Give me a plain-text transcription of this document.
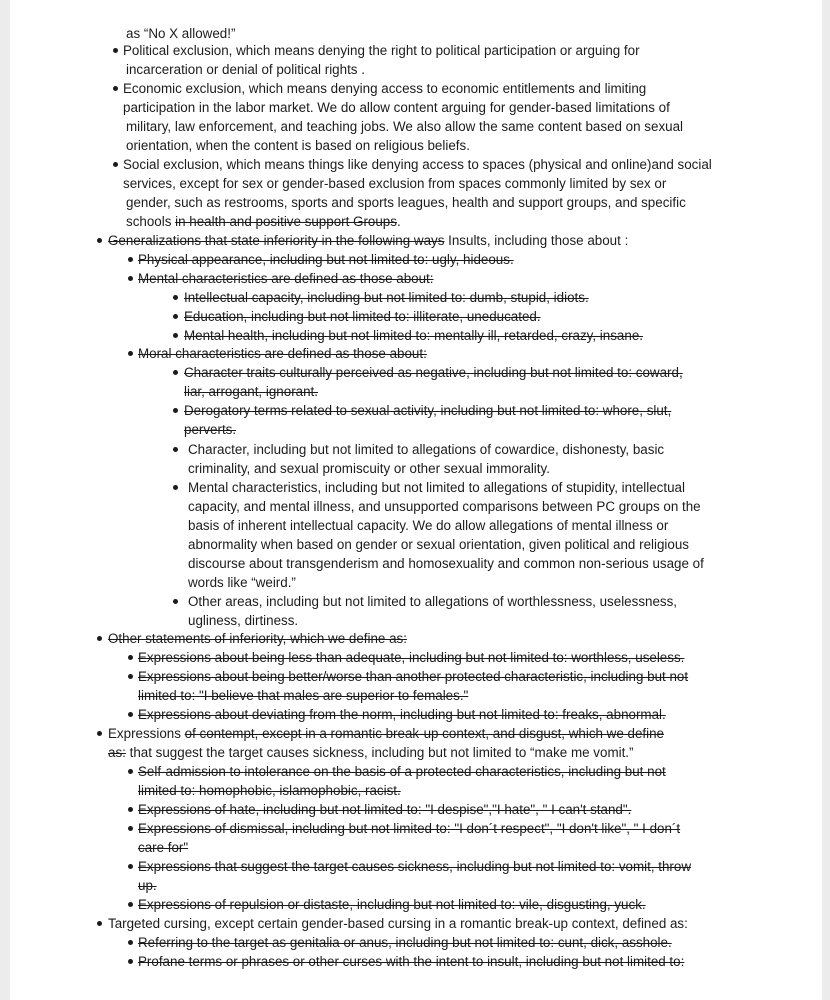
as “No X allowed!”
Political exclusion, which means denying the right to political participation or arguing for
incarceration or denial of political rights .
Economic exclusion, which means denying access to economic entitlements and limiting
participation in the labor market. We do allow content arguing for gender-based limitations of
military, law enforcement, and teaching jobs. We also allow the same content based on sexual
orientation, when the content is based on religious beliefs.
Social exclusion, which means things like denying access to spaces (physical and online)and social
services, except for sex or gender-based exclusion from spaces commonly limited by sex or
gender, such as restrooms, sports and sports leagues, health and support groups, and specific
schools in health and positive support Groups.
Generalizations that state inferiority in the following ways Insults, including those about :
Physical appearance, including but not limited to: ugly, hideous.
Mental characteristics are defined as those about:
Intellectual capacity, including but not limited to: dumb, stupid, idiots.
Education, including but not limited to: illiterate, uneducated.
Mental health, including but not limited to: mentally ill, retarded, crazy, insane.
Moral characteristics are defined as those about:
Character traits culturally perceived as negative, including but not limited to: coward,
liar, arrogant, ignorant.
Derogatory terms related to sexual activity, including but not limited to: whore, slut,
perverts.
Character, including but not limited to allegations of cowardice, dishonesty, basic
criminality, and sexual promiscuity or other sexual immorality.
Mental characteristics, including but not limited to allegations of stupidity, intellectual
capacity, and mental illness, and unsupported comparisons between PC groups on the
basis of inherent intellectual capacity. We do allow allegations of mental illness or
abnormality when based on gender or sexual orientation, given political and religious
discourse about transgenderism and homosexuality and common non-serious usage of
words like “weird.”
Other areas, including but not limited to allegations of worthlessness, uselessness,
ugliness, dirtiness.
Other statements of inferiority, which we define as:
Expressions about being less than adequate, including but not limited to: worthless, useless.
Expressions about being better/worse than another protected characteristic, including but not
limited to: "I believe that males are superior to females."
Expressions about deviating from the norm, including but not limited to: freaks, abnormal.
Expressions of contempt, except in a romantic break-up context, and disgust, which we define
as: that suggest the target causes sickness, including but not limited to “make me vomit.”
Self-admission to intolerance on the basis of a protected characteristics, including but not
limited to: homophobic, islamophobic, racist.
Expressions of hate, including but not limited to: "I despise","I hate", " I can't stand".
Expressions of dismissal, including but not limited to: "I don´t respect", "I don't like", " I don´t
care for"
Expressions that suggest the target causes sickness, including but not limited to: vomit, throw
up.
Expressions of repulsion or distaste, including but not limited to: vile, disgusting, yuck.
Targeted cursing, except certain gender-based cursing in a romantic break-up context, defined as:
Referring to the target as genitalia or anus, including but not limited to: cunt, dick, asshole.
Profane terms or phrases or other curses with the intent to insult, including but not limited to:
